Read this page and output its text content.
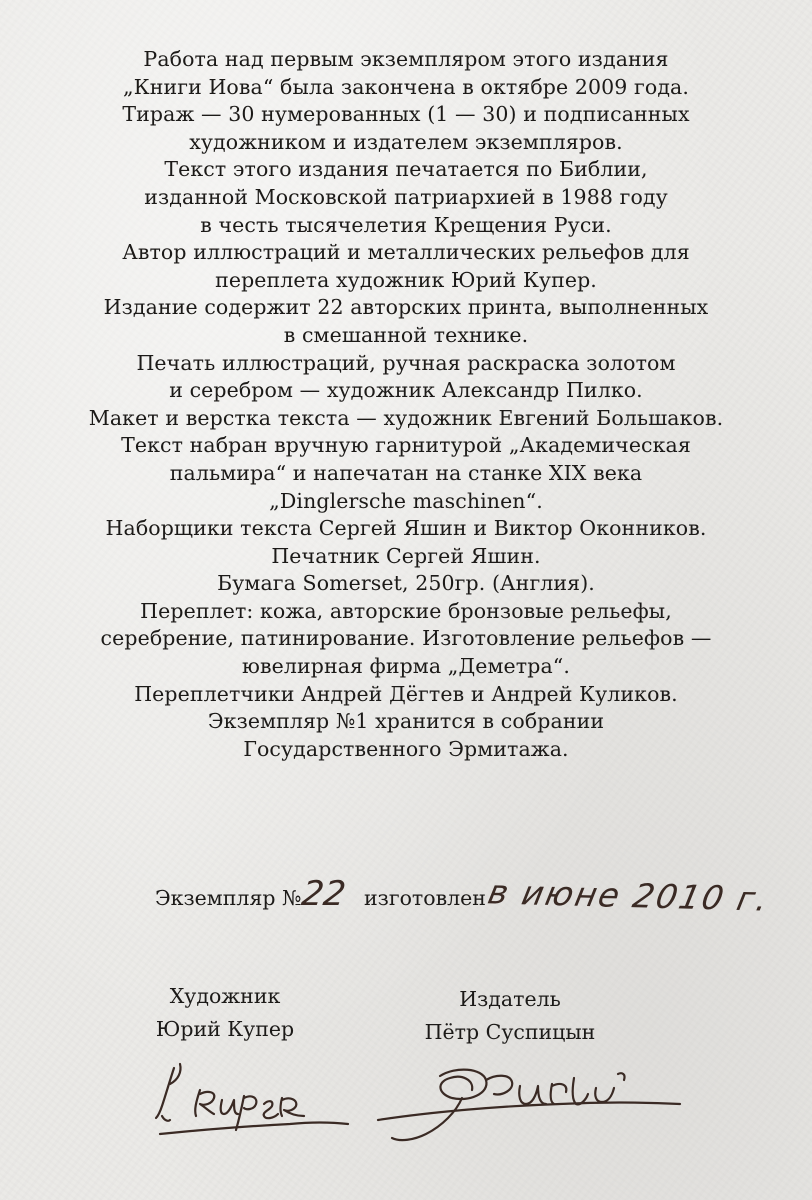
Работа над первым экземпляром этого издания
„Книги Иова“ была закончена в октябре 2009 года.
Тираж — 30 нумерованных (1 — 30) и подписанных
художником и издателем экземпляров.
Текст этого издания печатается по Библии,
изданной Московской патриархией в 1988 году
в честь тысячелетия Крещения Руси.
Автор иллюстраций и металлических рельефов для
переплета художник Юрий Купер.
Издание содержит 22 авторских принта, выполненных
в смешанной технике.
Печать иллюстраций, ручная раскраска золотом
и серебром — художник Александр Пилко.
Макет и верстка текста — художник Евгений Большаков.
Текст набран вручную гарнитурой „Академическая
пальмира“ и напечатан на станке XIX века
„Dinglersche maschinen“.
Наборщики текста Сергей Яшин и Виктор Оконников.
Печатник Сергей Яшин.
Бумага Somerset, 250гр. (Англия).
Переплет: кожа, авторские бронзовые рельефы,
серебрение, патинирование. Изготовление рельефов —
ювелирная фирма „Деметра“.
Переплетчики Андрей Дёгтев и Андрей Куликов.
Экземпляр №1 хранится в собрании
Государственного Эрмитажа.
Экземпляр №
22 изготовлен
в июне 2010 г.
Художник
Юрий Купер
Издатель
Пётр Суспицын
